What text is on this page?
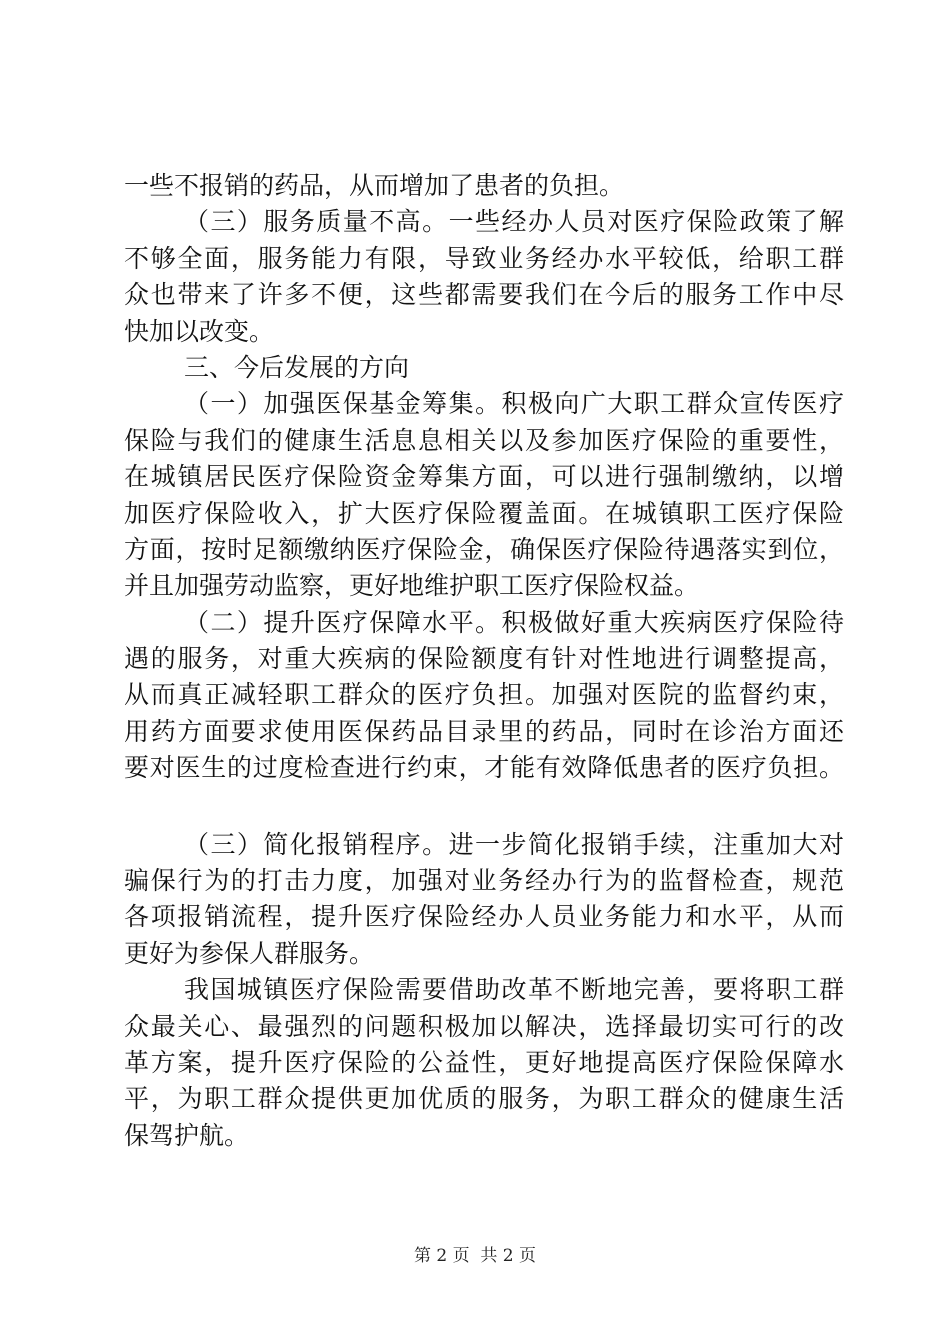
一些不报销的药品，从而增加了患者的负担。
（三）服务质量不高。一些经办人员对医疗保险政策了解
不够全面，服务能力有限，导致业务经办水平较低，给职工群
众也带来了许多不便，这些都需要我们在今后的服务工作中尽
快加以改变。
三、今后发展的方向
（一）加强医保基金筹集。积极向广大职工群众宣传医疗
保险与我们的健康生活息息相关以及参加医疗保险的重要性，
在城镇居民医疗保险资金筹集方面，可以进行强制缴纳，以增
加医疗保险收入，扩大医疗保险覆盖面。在城镇职工医疗保险
方面，按时足额缴纳医疗保险金，确保医疗保险待遇落实到位，
并且加强劳动监察，更好地维护职工医疗保险权益。
（二）提升医疗保障水平。积极做好重大疾病医疗保险待
遇的服务，对重大疾病的保险额度有针对性地进行调整提高，
从而真正减轻职工群众的医疗负担。加强对医院的监督约束，
用药方面要求使用医保药品目录里的药品，同时在诊治方面还
要对医生的过度检查进行约束，才能有效降低患者的医疗负担。
（三）简化报销程序。进一步简化报销手续，注重加大对
骗保行为的打击力度，加强对业务经办行为的监督检查，规范
各项报销流程，提升医疗保险经办人员业务能力和水平，从而
更好为参保人群服务。
我国城镇医疗保险需要借助改革不断地完善，要将职工群
众最关心、最强烈的问题积极加以解决，选择最切实可行的改
革方案，提升医疗保险的公益性，更好地提高医疗保险保障水
平，为职工群众提供更加优质的服务，为职工群众的健康生活
保驾护航。
第 2 页  共 2 页
